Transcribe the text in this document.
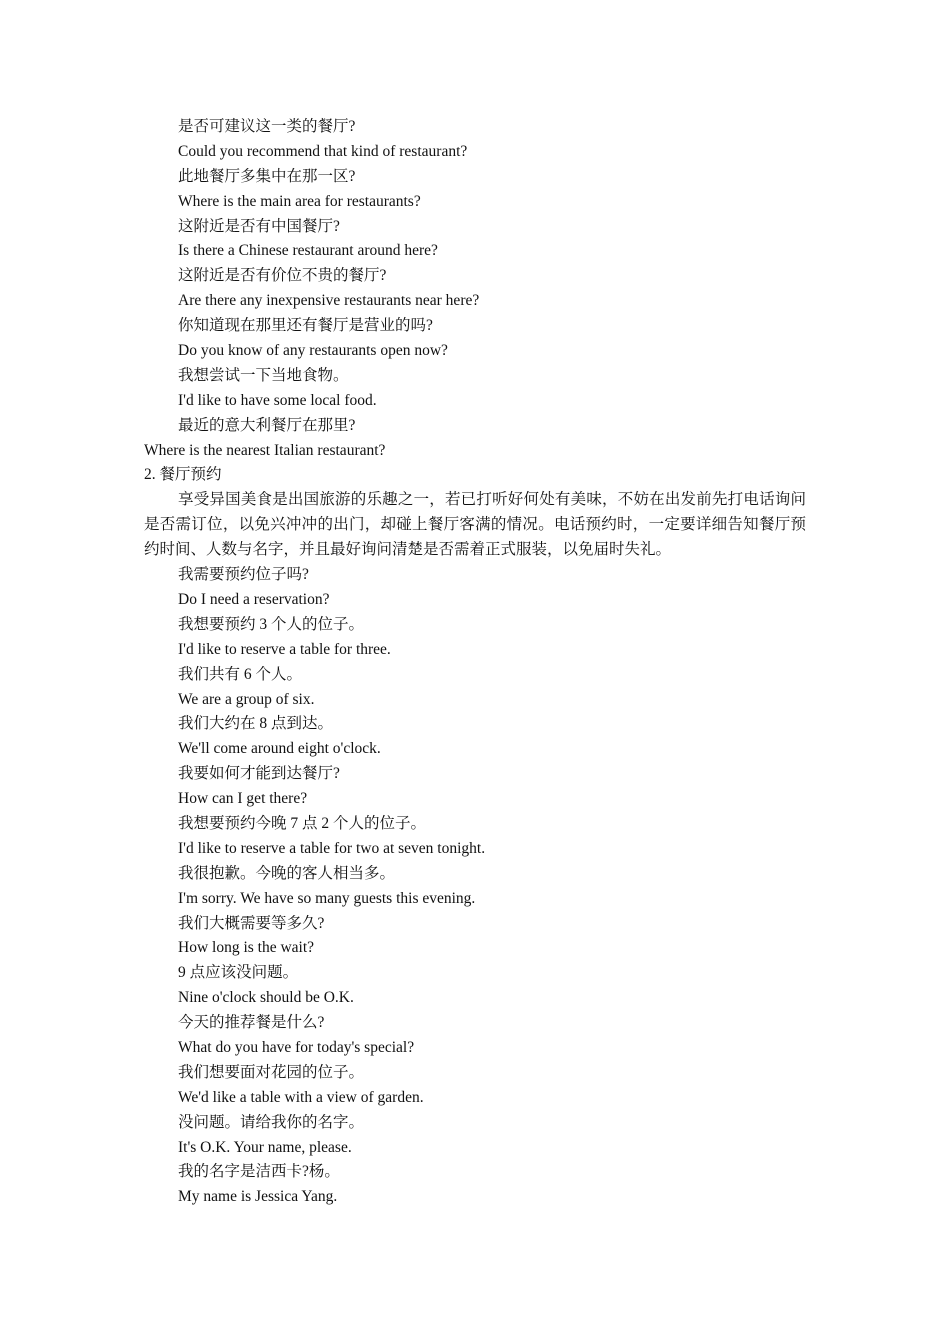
是否可建议这一类的餐厅?
Could you recommend that kind of restaurant?
此地餐厅多集中在那一区?
Where is the main area for restaurants?
这附近是否有中国餐厅?
Is there a Chinese restaurant around here?
这附近是否有价位不贵的餐厅?
Are there any inexpensive restaurants near here?
你知道现在那里还有餐厅是营业的吗?
Do you know of any restaurants open now?
我想尝试一下当地食物。
I'd like to have some local food.
最近的意大利餐厅在那里?
Where is the nearest Italian restaurant?
2. 餐厅预约
享受异国美食是出国旅游的乐趣之一，若已打听好何处有美味，不妨在出发前先打电话询问是否需订位，以免兴冲冲的出门，却碰上餐厅客满的情况。电话预约时，一定要详细告知餐厅预约时间、人数与名字，并且最好询问清楚是否需着正式服装，以免届时失礼。
我需要预约位子吗?
Do I need a reservation?
我想要预约 3 个人的位子。
I'd like to reserve a table for three.
我们共有 6 个人。
We are a group of six.
我们大约在 8 点到达。
We'll come around eight o'clock.
我要如何才能到达餐厅?
How can I get there?
我想要预约今晚 7 点 2 个人的位子。
I'd like to reserve a table for two at seven tonight.
我很抱歉。今晚的客人相当多。
I'm sorry. We have so many guests this evening.
我们大概需要等多久?
How long is the wait?
9 点应该没问题。
Nine o'clock should be O.K.
今天的推荐餐是什么?
What do you have for today's special?
我们想要面对花园的位子。
We'd like a table with a view of garden.
没问题。请给我你的名字。
It's O.K. Your name, please.
我的名字是洁西卡?杨。
My name is Jessica Yang.
